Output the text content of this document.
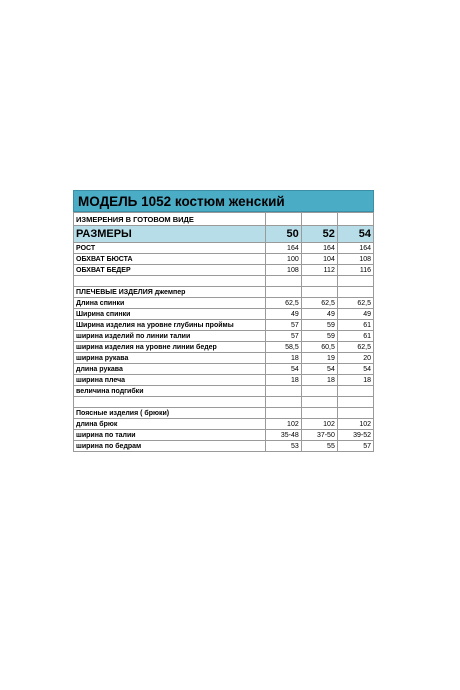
МОДЕЛЬ 1052 костюм женский
ИЗМЕРЕНИЯ В ГОТОВОМ ВИДЕ			
РАЗМЕРЫ	50	52	54
РОСТ	164	164	164
ОБХВАТ БЮСТА	100	104	108
ОБХВАТ БЕДЕР	108	112	116

ПЛЕЧЕВЫЕ ИЗДЕЛИЯ джемпер			
Длина спинки	62,5	62,5	62,5
Ширина спинки	49	49	49
Ширина изделия на уровне глубины проймы	57	59	61
ширина изделий по линии талии	57	59	61
ширина изделия на уровне линии бедер	58,5	60,5	62,5
ширина рукава	18	19	20
длина рукава	54	54	54
ширина плеча	18	18	18
величина подгибки			

Поясные изделия ( брюки)			
длина брюк	102	102	102
ширина по талии	35-48	37-50	39-52
ширина по бедрам	53	55	57
